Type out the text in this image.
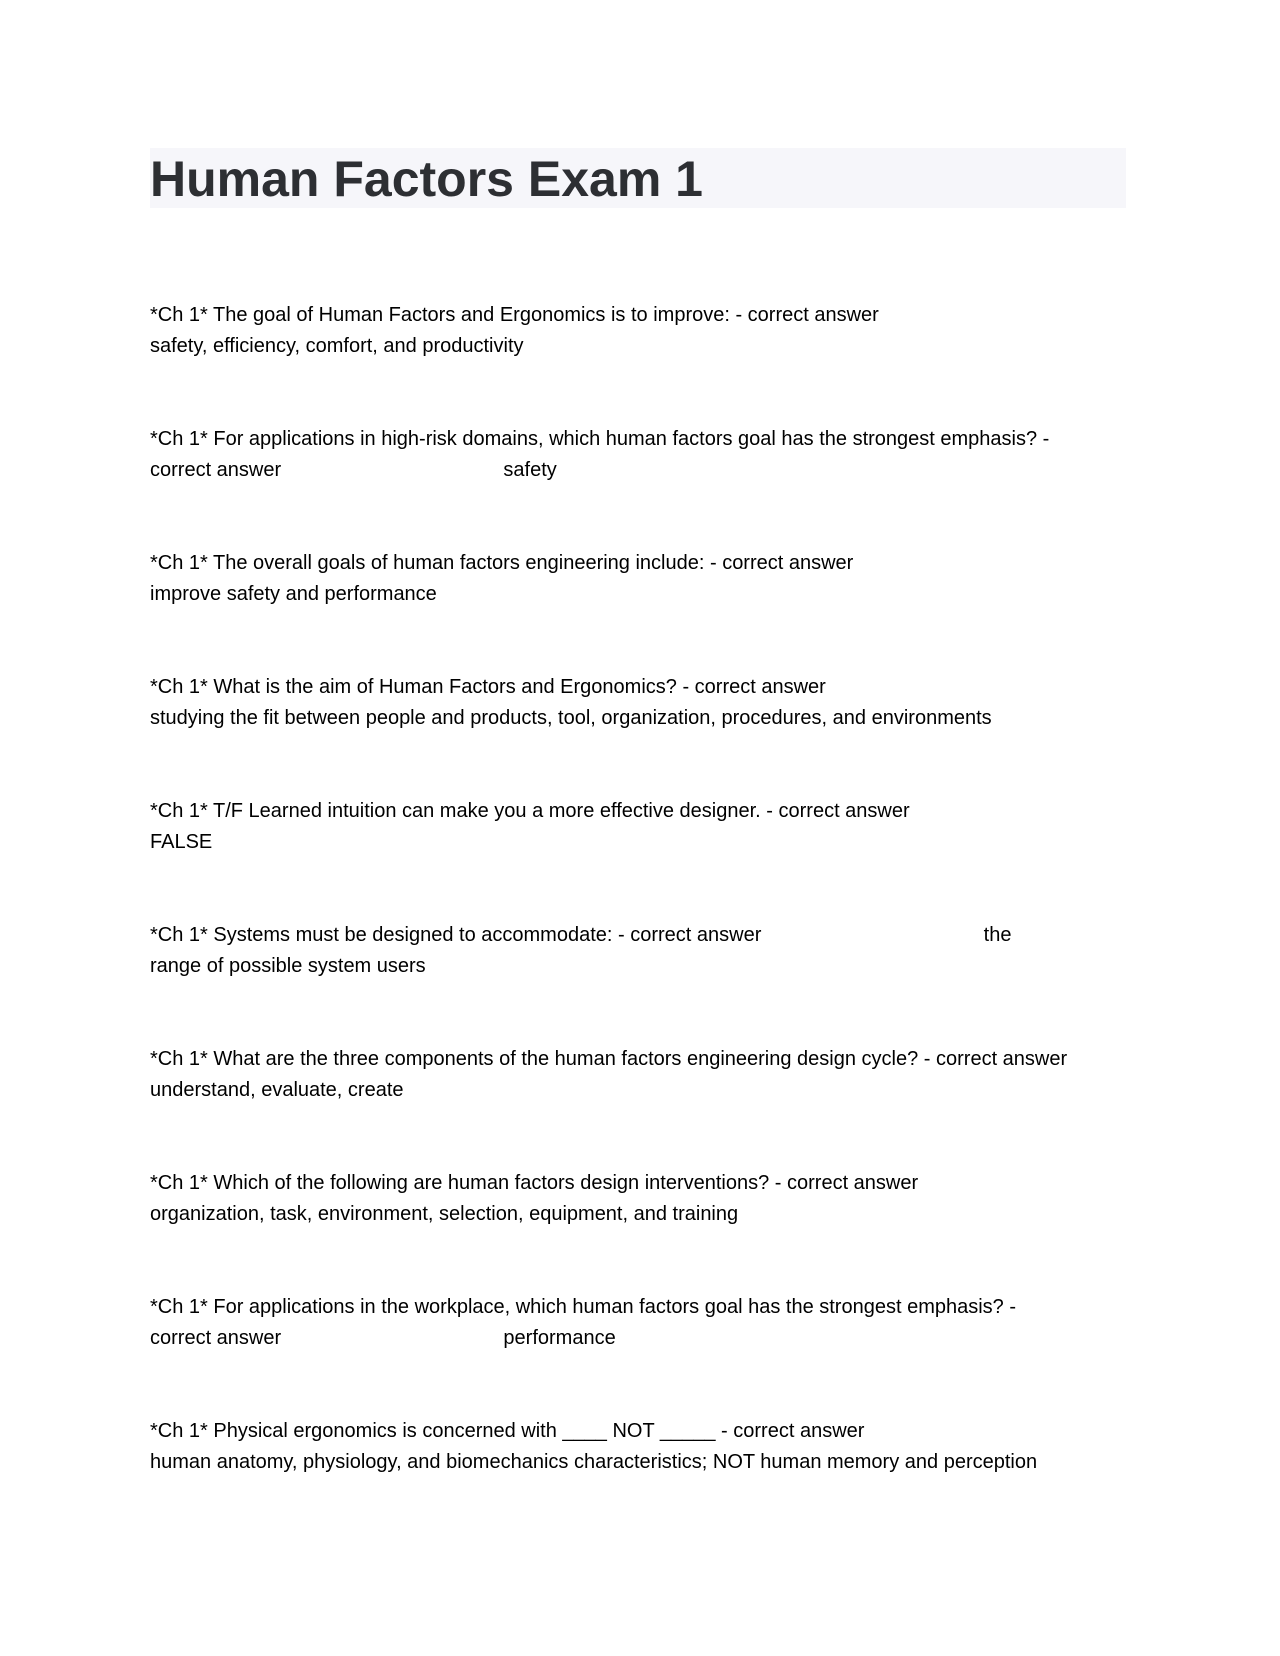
Human Factors Exam 1
*Ch 1* The goal of Human Factors and Ergonomics is to improve: - correct answer
safety, efficiency, comfort, and productivity
*Ch 1* For applications in high-risk domains, which human factors goal has the strongest emphasis? -
correct answer                                        safety
*Ch 1* The overall goals of human factors engineering include: - correct answer
improve safety and performance
*Ch 1* What is the aim of Human Factors and Ergonomics? - correct answer
studying the fit between people and products, tool, organization, procedures, and environments
*Ch 1* T/F Learned intuition can make you a more effective designer. - correct answer
FALSE
*Ch 1* Systems must be designed to accommodate: - correct answer                                        the
range of possible system users
*Ch 1* What are the three components of the human factors engineering design cycle? - correct answer
understand, evaluate, create
*Ch 1* Which of the following are human factors design interventions? - correct answer
organization, task, environment, selection, equipment, and training
*Ch 1* For applications in the workplace, which human factors goal has the strongest emphasis? -
correct answer                                        performance
*Ch 1* Physical ergonomics is concerned with ____ NOT _____ - correct answer
human anatomy, physiology, and biomechanics characteristics; NOT human memory and perception
